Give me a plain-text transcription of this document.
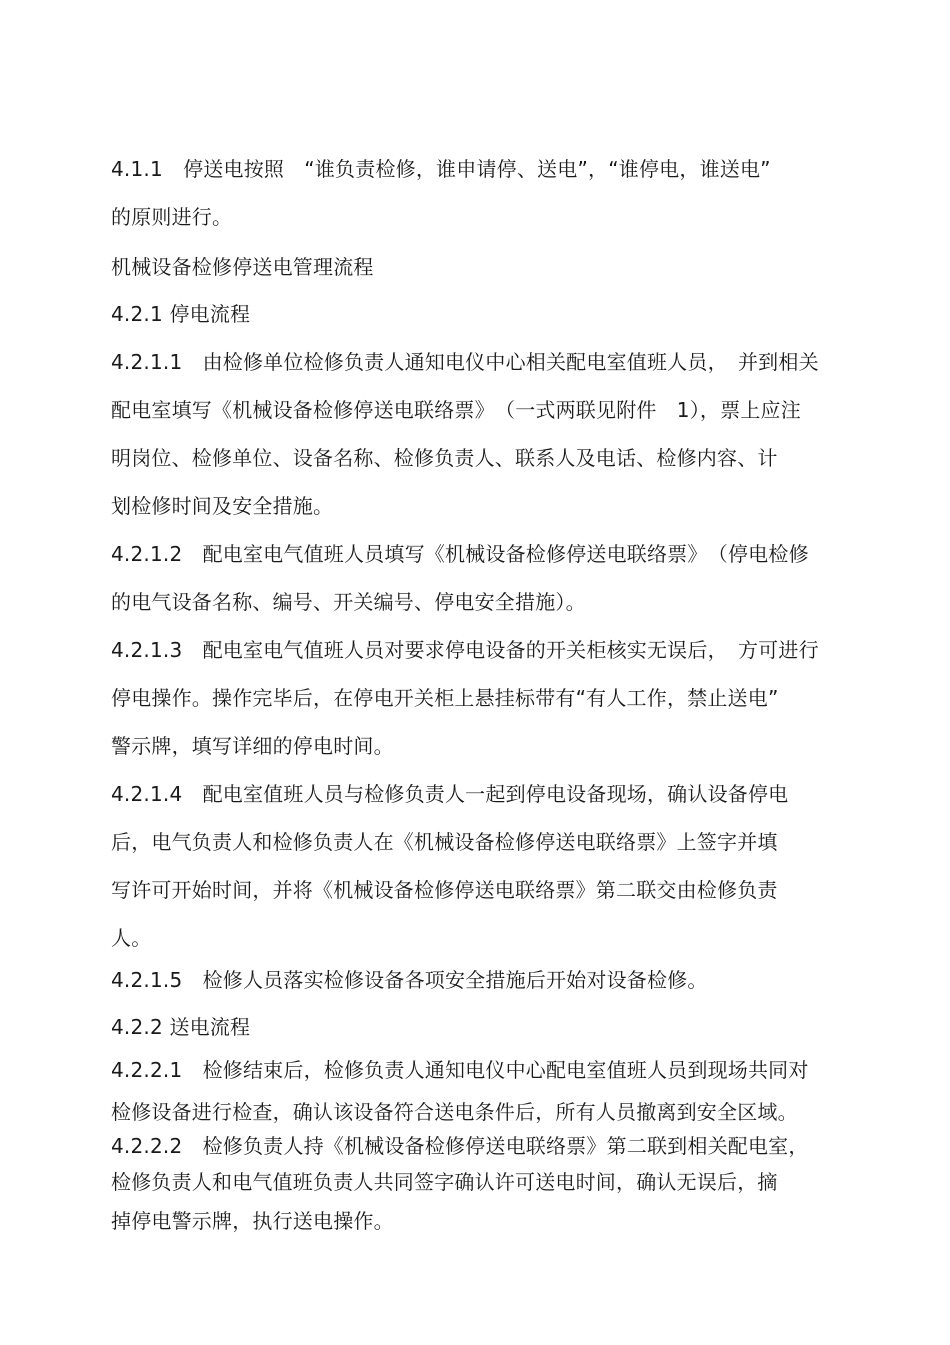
4.1.1　停送电按照　“谁负责检修，谁申请停、送电”，“谁停电，谁送电”
的原则进行。
机械设备检修停送电管理流程
4.2.1 停电流程
4.2.1.1　由检修单位检修负责人通知电仪中心相关配电室值班人员，　并到相关
配电室填写《机械设备检修停送电联络票》　（一式两联见附件　1），票上应注
明岗位、检修单位、设备名称、检修负责人、联系人及电话、检修内容、计
划检修时间及安全措施。
4.2.1.2　配电室电气值班人员填写《机械设备检修停送电联络票》　（停电检修
的电气设备名称、编号、开关编号、停电安全措施）。
4.2.1.3　配电室电气值班人员对要求停电设备的开关柜核实无误后，　方可进行
停电操作。操作完毕后，在停电开关柜上悬挂标带有“有人工作，禁止送电”
警示牌，填写详细的停电时间。
4.2.1.4　配电室值班人员与检修负责人一起到停电设备现场，确认设备停电
后，电气负责人和检修负责人在《机械设备检修停送电联络票》上签字并填
写许可开始时间，并将《机械设备检修停送电联络票》第二联交由检修负责
人。
4.2.1.5　检修人员落实检修设备各项安全措施后开始对设备检修。
4.2.2 送电流程
4.2.2.1　检修结束后，检修负责人通知电仪中心配电室值班人员到现场共同对
检修设备进行检查，确认该设备符合送电条件后，所有人员撤离到安全区域。
4.2.2.2　检修负责人持《机械设备检修停送电联络票》第二联到相关配电室，
检修负责人和电气值班负责人共同签字确认许可送电时间，确认无误后，摘
掉停电警示牌，执行送电操作。
